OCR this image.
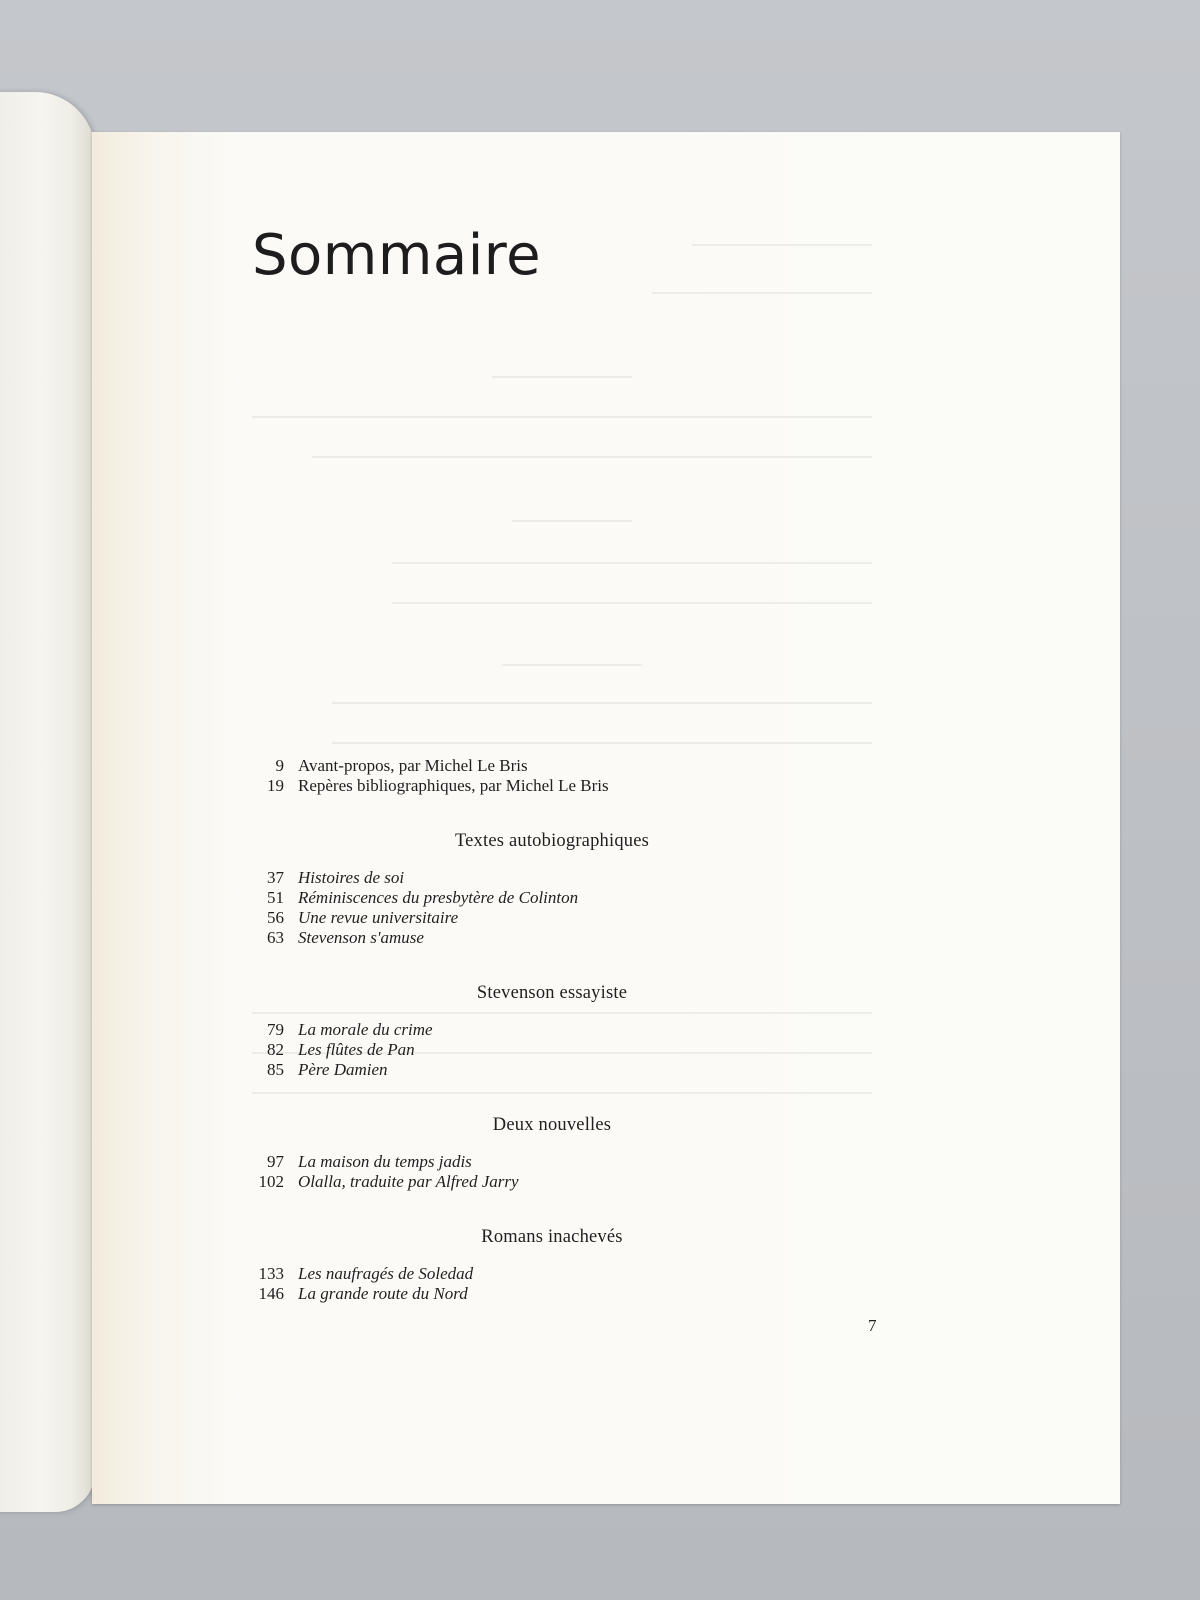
Sommaire
9 Avant-propos, par Michel Le Bris
19 Repères bibliographiques, par Michel Le Bris
Textes autobiographiques
37 Histoires de soi
51 Réminiscences du presbytère de Colinton
56 Une revue universitaire
63 Stevenson s'amuse
Stevenson essayiste
79 La morale du crime
82 Les flûtes de Pan
85 Père Damien
Deux nouvelles
97 La maison du temps jadis
102 Olalla, traduite par Alfred Jarry
Romans inachevés
133 Les naufragés de Soledad
146 La grande route du Nord
7
